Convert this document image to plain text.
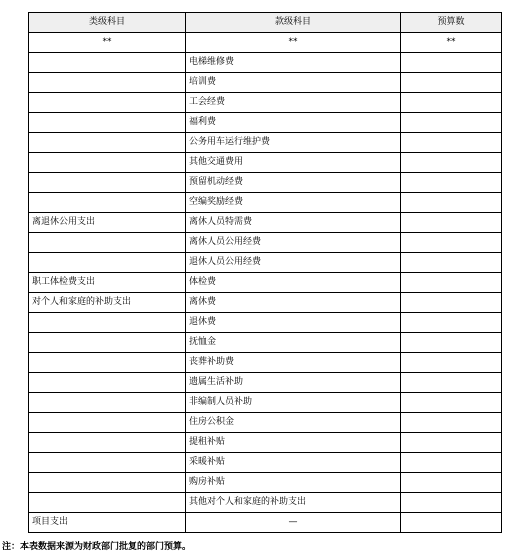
类级科目	款级科目	预算数
**	**	**
	电梯维修费	
	培训费	
	工会经费	
	福利费	
	公务用车运行维护费	
	其他交通费用	
	预留机动经费	
	空编奖励经费	
离退休公用支出	离休人员特需费	
	离休人员公用经费	
	退休人员公用经费	
职工体检费支出	体检费	
对个人和家庭的补助支出	离休费	
	退休费	
	抚恤金	
	丧葬补助费	
	遗属生活补助	
	非编制人员补助	
	住房公积金	
	提租补贴	
	采暖补贴	
	购房补贴	
	其他对个人和家庭的补助支出	
项目支出	—	
注：本表数据来源为财政部门批复的部门预算。
